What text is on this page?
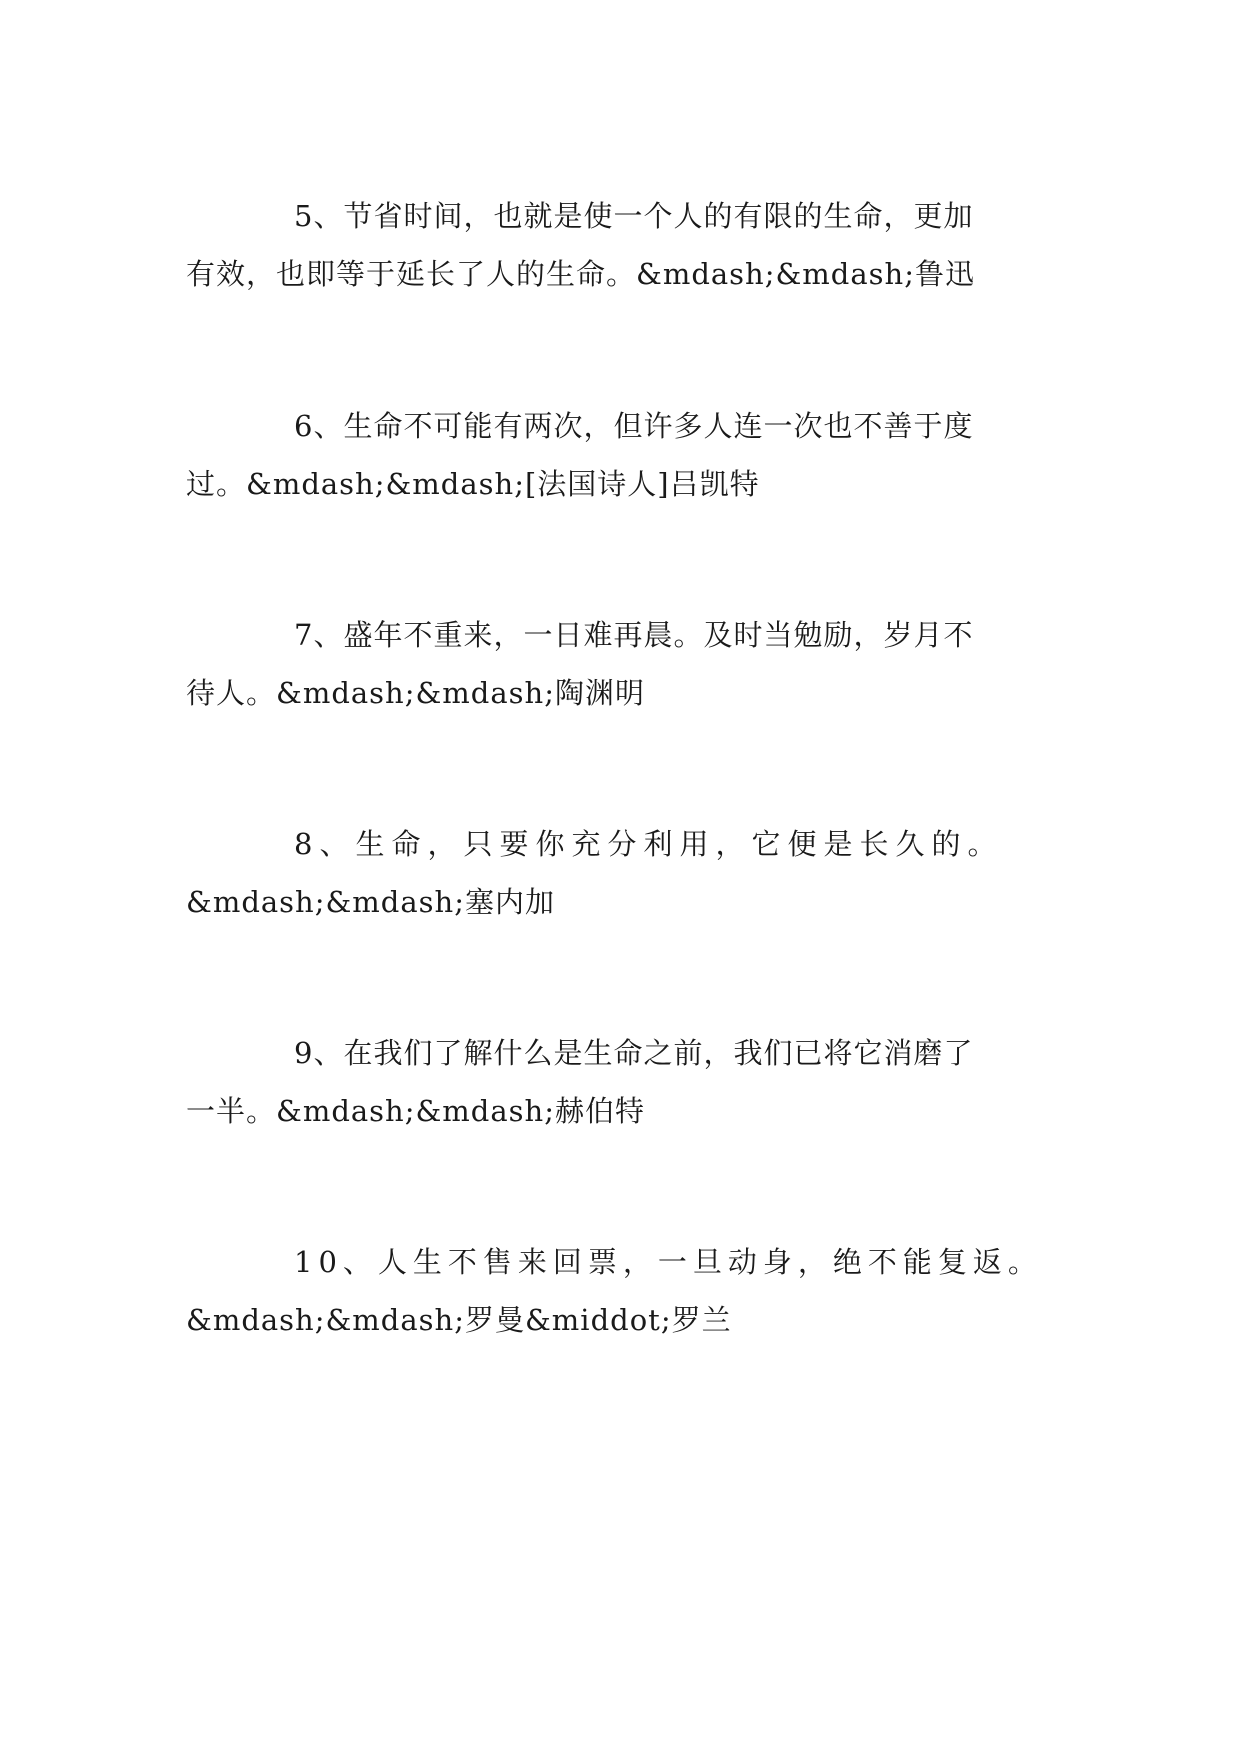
5、节省时间，也就是使一个人的有限的生命，更加
有效，也即等于延长了人的生命。&mdash;&mdash;鲁迅

6、生命不可能有两次，但许多人连一次也不善于度
过。&mdash;&mdash;[法国诗人]吕凯特

7、盛年不重来，一日难再晨。及时当勉励，岁月不
待人。&mdash;&mdash;陶渊明

8、生命，只要你充分利用，它便是长久的。
&mdash;&mdash;塞内加

9、在我们了解什么是生命之前，我们已将它消磨了
一半。&mdash;&mdash;赫伯特

10、人生不售来回票，一旦动身，绝不能复返。
&mdash;&mdash;罗曼&middot;罗兰
